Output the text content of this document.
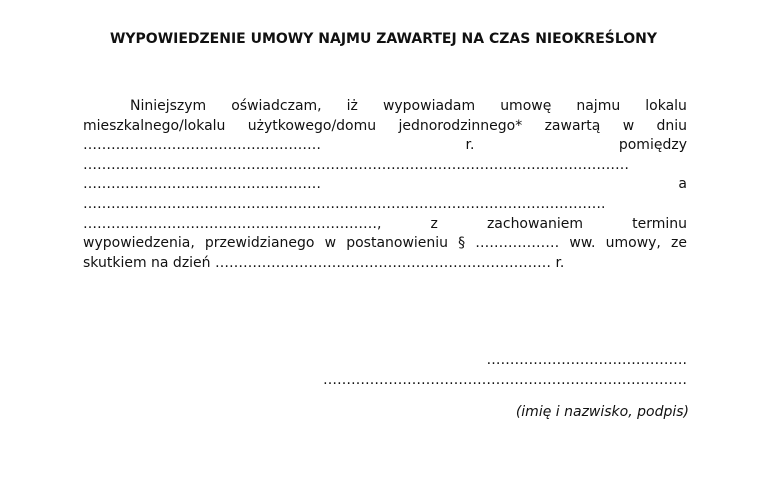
WYPOWIEDZENIE UMOWY NAJMU ZAWARTEJ NA CZAS NIEOKREŚLONY
Niniejszym oświadczam, iż wypowiadam umowę najmu lokalu
mieszkalnego/lokalu użytkowego/domu jednorodzinnego* zawartą w dniu
……………………………………………	r.	pomiędzy
………………………………………………………………………………………………………
……………………………………………	a
………………………………………………………………………………………………….
………………………………………………………,	z	zachowaniem	terminu
wypowiedzenia, przewidzianego w postanowieniu § ……………… ww. umowy, ze
skutkiem na dzień ……………………………………………………………… r.
…………………………………….
……………………………………………………………………
(imię i nazwisko, podpis)
